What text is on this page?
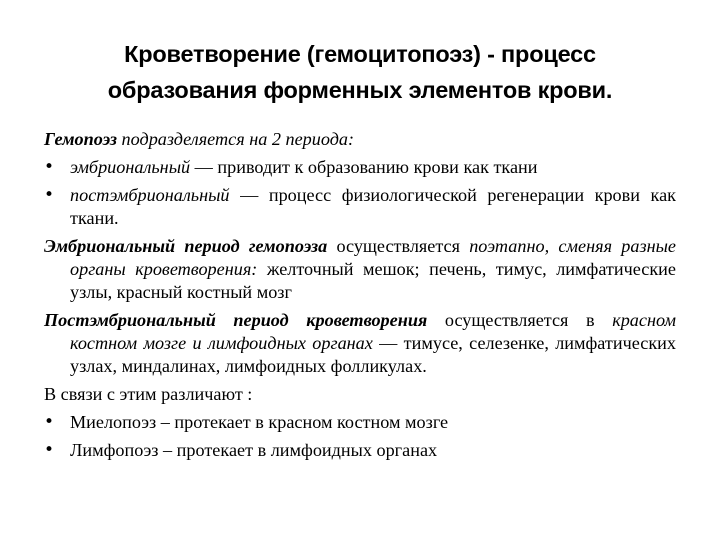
Кроветворение (гемоцитопоэз) - процесс
образования форменных элементов крови.

Гемопоэз подразделяется на 2 периода:

• эмбриональный — приводит к образованию крови как ткани
• постэмбриональный — процесс физиологической регенерации крови как ткани.

Эмбриональный период гемопоэза осуществляется поэтапно, сменяя разные органы кроветворения: желточный мешок; печень, тимус, лимфатические узлы, красный костный мозг

Постэмбриональный период кроветворения осуществляется в красном костном мозге и лимфоидных органах — тимусе, селезенке, лимфатических узлах, миндалинах, лимфоидных фолликулах.

В связи с этим различают :

• Миелопоэз – протекает в красном костном мозге
• Лимфопоэз – протекает в лимфоидных органах
